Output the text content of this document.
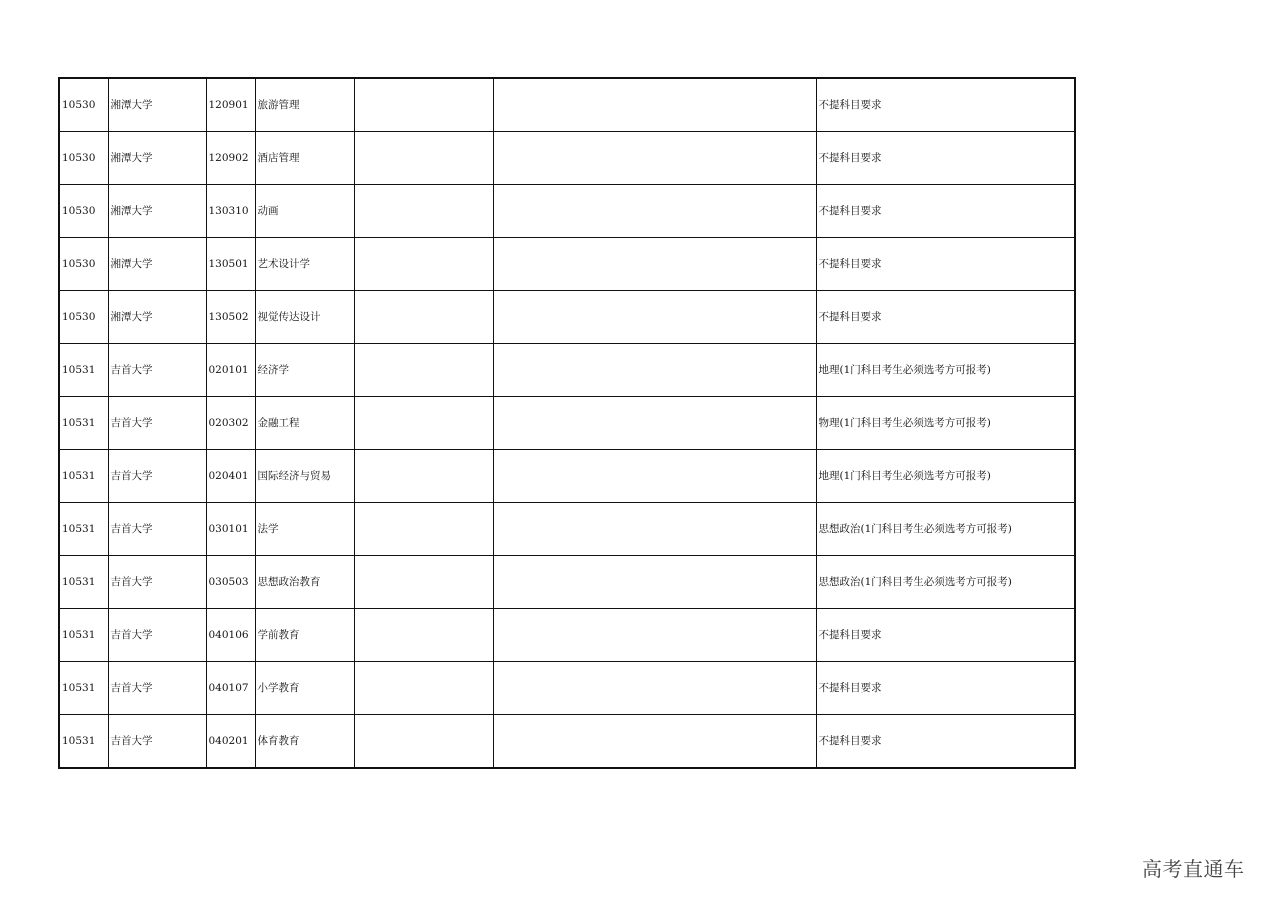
10530	湘潭大学	120901	旅游管理			不提科目要求
10530	湘潭大学	120902	酒店管理			不提科目要求
10530	湘潭大学	130310	动画			不提科目要求
10530	湘潭大学	130501	艺术设计学			不提科目要求
10530	湘潭大学	130502	视觉传达设计			不提科目要求
10531	吉首大学	020101	经济学			地理(1门科目考生必须选考方可报考)
10531	吉首大学	020302	金融工程			物理(1门科目考生必须选考方可报考)
10531	吉首大学	020401	国际经济与贸易			地理(1门科目考生必须选考方可报考)
10531	吉首大学	030101	法学			思想政治(1门科目考生必须选考方可报考)
10531	吉首大学	030503	思想政治教育			思想政治(1门科目考生必须选考方可报考)
10531	吉首大学	040106	学前教育			不提科目要求
10531	吉首大学	040107	小学教育			不提科目要求
10531	吉首大学	040201	体育教育			不提科目要求
高考直通车
